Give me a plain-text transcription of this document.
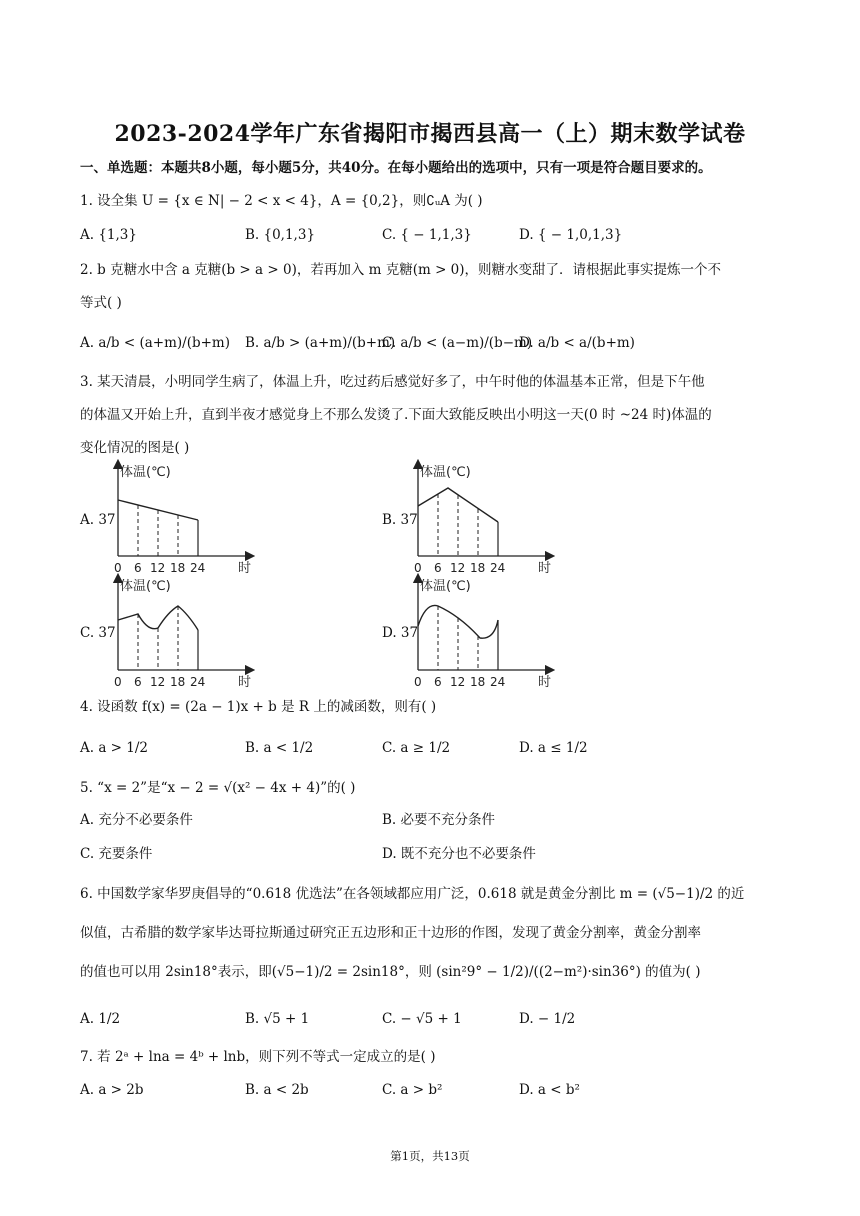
2023-2024学年广东省揭阳市揭西县高一（上）期末数学试卷
一、单选题：本题共8小题，每小题5分，共40分。在每小题给出的选项中，只有一项是符合题目要求的。
1. 设全集 U = {x ∈ N| − 2 < x < 4}，A = {0,2}，则∁ᵤA 为( )
A. {1,3}	B. {0,1,3}	C. { − 1,1,3}	D. { − 1,0,1,3}
2. b 克糖水中含 a 克糖(b > a > 0)，若再加入 m 克糖(m > 0)，则糖水变甜了．请根据此事实提炼一个不
等式( )
A. a/b < (a+m)/(b+m) B. a/b > (a+m)/(b+m)
C. a/b < (a−m)/(b−m)
D. a/b < a/(b+m)
3. 某天清晨，小明同学生病了，体温上升，吃过药后感觉好多了，中午时他的体温基本正常，但是下午他
的体温又开始上升，直到半夜才感觉身上不那么发烫了.下面大致能反映出小明这一天(0 时 ~24 时)体温的
变化情况的图是( )
A. 37
体温(℃)
时
0 6 12 18 24
B. 37
体温(℃)
时
0 6 12 18 24
C. 37
体温(℃)
时
0 6 12 18 24
D. 37
体温(℃)
时
0 6 12 18 24
4. 设函数 f(x) = (2a − 1)x + b 是 R 上的减函数，则有( )
A. a > 1/2	B. a < 1/2	C. a ≥ 1/2	D. a ≤ 1/2
5. “x = 2”是“x − 2 = √(x² − 4x + 4)”的( )
A. 充分不必要条件	B. 必要不充分条件
C. 充要条件	D. 既不充分也不必要条件
6. 中国数学家华罗庚倡导的“0.618 优选法”在各领域都应用广泛，0.618 就是黄金分割比 m = (√5−1)/2 的近
似值，古希腊的数学家毕达哥拉斯通过研究正五边形和正十边形的作图，发现了黄金分割率，黄金分割率
的值也可以用 2sin18°表示，即(√5−1)/2 = 2sin18°，则 (sin²9° − 1/2)/((2−m²)·sin36°) 的值为( )
A. 1/2	B. √5 + 1	C. − √5 + 1	D. − 1/2
7. 若 2ᵃ + lna = 4ᵇ + lnb，则下列不等式一定成立的是( )
A. a > 2b	B. a < 2b	C. a > b²	D. a < b²
第1页，共13页
